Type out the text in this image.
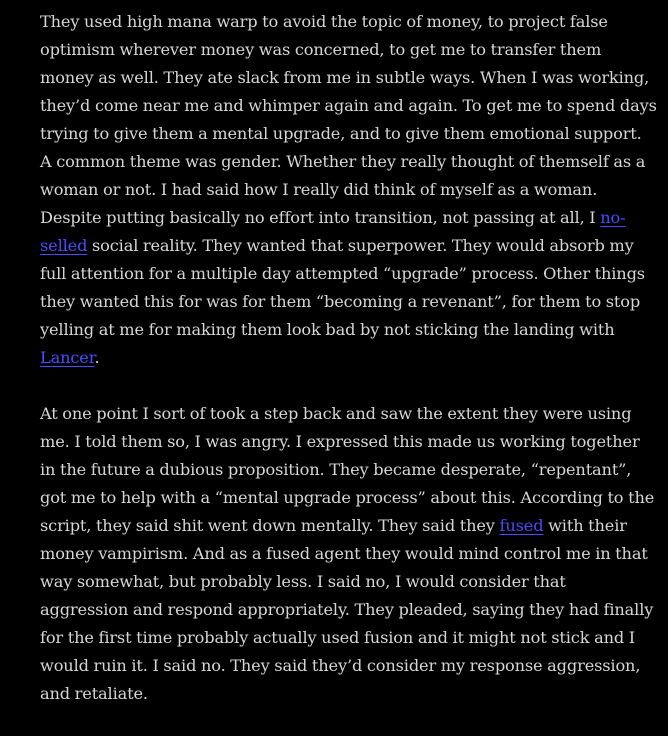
They used high mana warp to avoid the topic of money, to project false
optimism wherever money was concerned, to get me to transfer them
money as well. They ate slack from me in subtle ways. When I was working,
they’d come near me and whimper again and again. To get me to spend days
trying to give them a mental upgrade, and to give them emotional support.
A common theme was gender. Whether they really thought of themself as a
woman or not. I had said how I really did think of myself as a woman.
Despite putting basically no effort into transition, not passing at all, I no-
selled social reality. They wanted that superpower. They would absorb my
full attention for a multiple day attempted “upgrade” process. Other things
they wanted this for was for them “becoming a revenant”, for them to stop
yelling at me for making them look bad by not sticking the landing with
Lancer.

At one point I sort of took a step back and saw the extent they were using
me. I told them so, I was angry. I expressed this made us working together
in the future a dubious proposition. They became desperate, “repentant”,
got me to help with a “mental upgrade process” about this. According to the
script, they said shit went down mentally. They said they fused with their
money vampirism. And as a fused agent they would mind control me in that
way somewhat, but probably less. I said no, I would consider that
aggression and respond appropriately. They pleaded, saying they had finally
for the first time probably actually used fusion and it might not stick and I
would ruin it. I said no. They said they’d consider my response aggression,
and retaliate.
